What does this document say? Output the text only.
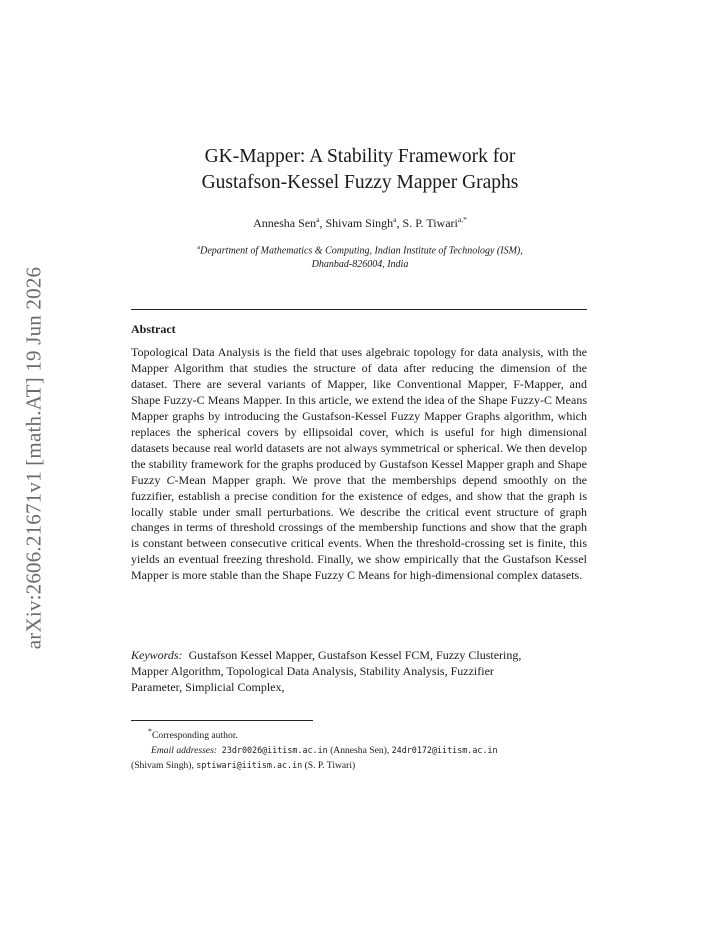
arXiv:2606.21671v1 [math.AT] 19 Jun 2026
GK-Mapper: A Stability Framework for
Gustafson-Kessel Fuzzy Mapper Graphs
Annesha Sen$^a$, Shivam Singh$^a$, S. P. Tiwari$^{a,*}$
$^a$Department of Mathematics & Computing, Indian Institute of Technology (ISM),
Dhanbad-826004, India
Abstract
Topological Data Analysis is the field that uses algebraic topology for data analysis, with the Mapper Algorithm that studies the structure of data after reducing the dimension of the dataset. There are several variants of Mapper, like Conventional Mapper, F-Mapper, and Shape Fuzzy-C Means Mapper. In this article, we extend the idea of the Shape Fuzzy-C Means Mapper graphs by introducing the Gustafson-Kessel Fuzzy Mapper Graphs algorithm, which replaces the spherical covers by ellipsoidal cover, which is useful for high dimensional datasets because real world datasets are not always symmetrical or spherical. We then develop the stability framework for the graphs produced by Gustafson Kessel Mapper graph and Shape Fuzzy C-Mean Mapper graph. We prove that the memberships depend smoothly on the fuzzifier, establish a precise condition for the existence of edges, and show that the graph is locally stable under small perturbations. We describe the critical event structure of graph changes in terms of threshold crossings of the membership functions and show that the graph is constant between consecutive critical events. When the threshold-crossing set is finite, this yields an eventual freezing threshold. Finally, we show empirically that the Gustafson Kessel Mapper is more stable than the Shape Fuzzy C Means for high-dimensional complex datasets.
Keywords: Gustafson Kessel Mapper, Gustafson Kessel FCM, Fuzzy Clustering, Mapper Algorithm, Topological Data Analysis, Stability Analysis, Fuzzifier Parameter, Simplicial Complex,
*Corresponding author.
Email addresses: 23dr0026@iitism.ac.in (Annesha Sen), 24dr0172@iitism.ac.in
(Shivam Singh), sptiwari@iitism.ac.in (S. P. Tiwari)
